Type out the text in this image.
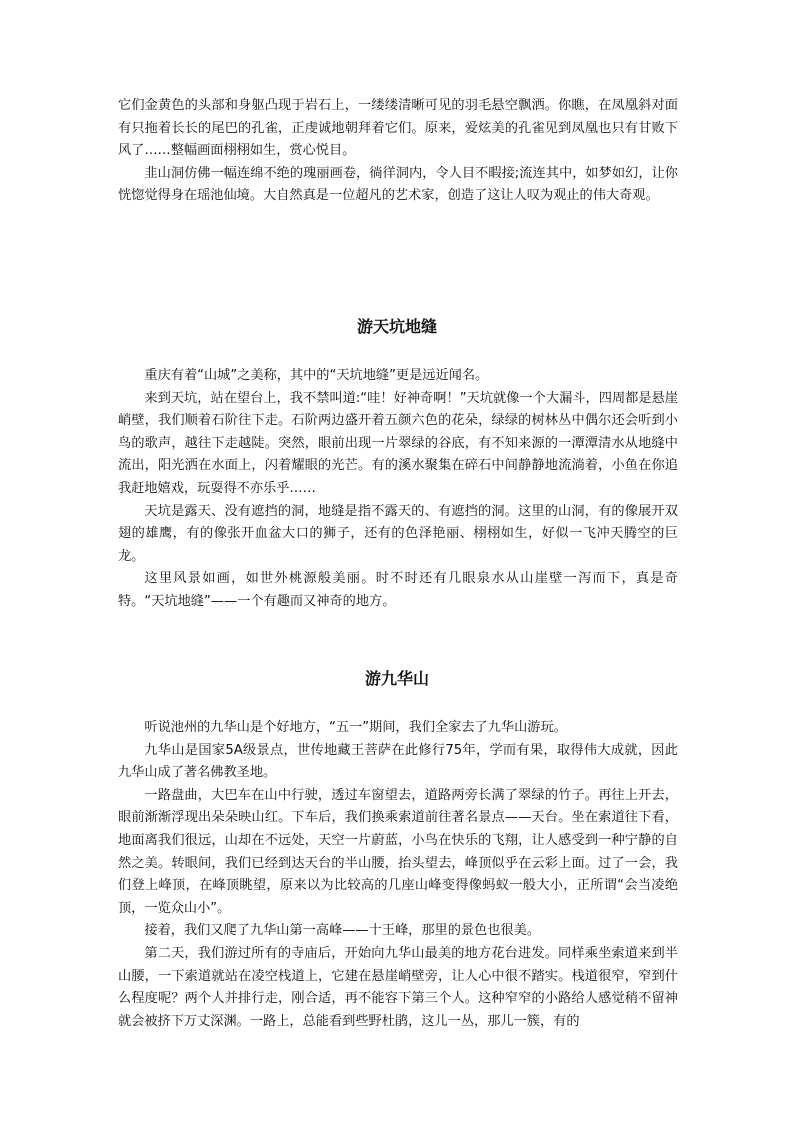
它们金黄色的头部和身躯凸现于岩石上，一缕缕清晰可见的羽毛悬空飘洒。你瞧，在凤凰斜对面有只拖着长长的尾巴的孔雀，正虔诚地朝拜着它们。原来，爱炫美的孔雀见到凤凰也只有甘败下风了……整幅画面栩栩如生，赏心悦目。

韭山洞仿佛一幅连绵不绝的瑰丽画卷，徜徉洞内，令人目不暇接;流连其中，如梦如幻，让你恍惚觉得身在瑶池仙境。大自然真是一位超凡的艺术家，创造了这让人叹为观止的伟大奇观。

游天坑地缝

重庆有着“山城”之美称，其中的“天坑地缝”更是远近闻名。

来到天坑，站在望台上，我不禁叫道:“哇！好神奇啊！”天坑就像一个大漏斗，四周都是悬崖峭壁，我们顺着石阶往下走。石阶两边盛开着五颜六色的花朵，绿绿的树林丛中偶尔还会听到小鸟的歌声，越往下走越陡。突然，眼前出现一片翠绿的谷底，有不知来源的一潭潭清水从地缝中流出，阳光洒在水面上，闪着耀眼的光芒。有的溪水聚集在碎石中间静静地流淌着，小鱼在你追我赶地嬉戏，玩耍得不亦乐乎……

天坑是露天、没有遮挡的洞，地缝是指不露天的、有遮挡的洞。这里的山洞，有的像展开双翅的雄鹰，有的像张开血盆大口的狮子，还有的色泽艳丽、栩栩如生，好似一飞冲天腾空的巨龙。

这里风景如画，如世外桃源般美丽。时不时还有几眼泉水从山崖壁一泻而下，真是奇特。“天坑地缝”——一个有趣而又神奇的地方。

游九华山

听说池州的九华山是个好地方，“五一”期间，我们全家去了九华山游玩。

九华山是国家5A级景点，世传地藏王菩萨在此修行75年，学而有果，取得伟大成就，因此九华山成了著名佛教圣地。

一路盘曲，大巴车在山中行驶，透过车窗望去，道路两旁长满了翠绿的竹子。再往上开去，眼前渐渐浮现出朵朵映山红。下车后，我们换乘索道前往著名景点——天台。坐在索道往下看，地面离我们很远，山却在不远处，天空一片蔚蓝，小鸟在快乐的飞翔，让人感受到一种宁静的自然之美。转眼间，我们已经到达天台的半山腰，抬头望去，峰顶似乎在云彩上面。过了一会，我们登上峰顶，在峰顶眺望，原来以为比较高的几座山峰变得像蚂蚁一般大小，正所谓“会当凌绝顶，一览众山小”。

接着，我们又爬了九华山第一高峰——十王峰，那里的景色也很美。

第二天，我们游过所有的寺庙后，开始向九华山最美的地方花台进发。同样乘坐索道来到半山腰，一下索道就站在凌空栈道上，它建在悬崖峭壁旁，让人心中很不踏实。栈道很窄，窄到什么程度呢？两个人并排行走，刚合适，再不能容下第三个人。这种窄窄的小路给人感觉稍不留神就会被挤下万丈深渊。一路上，总能看到些野杜鹃，这儿一丛，那儿一簇，有的
